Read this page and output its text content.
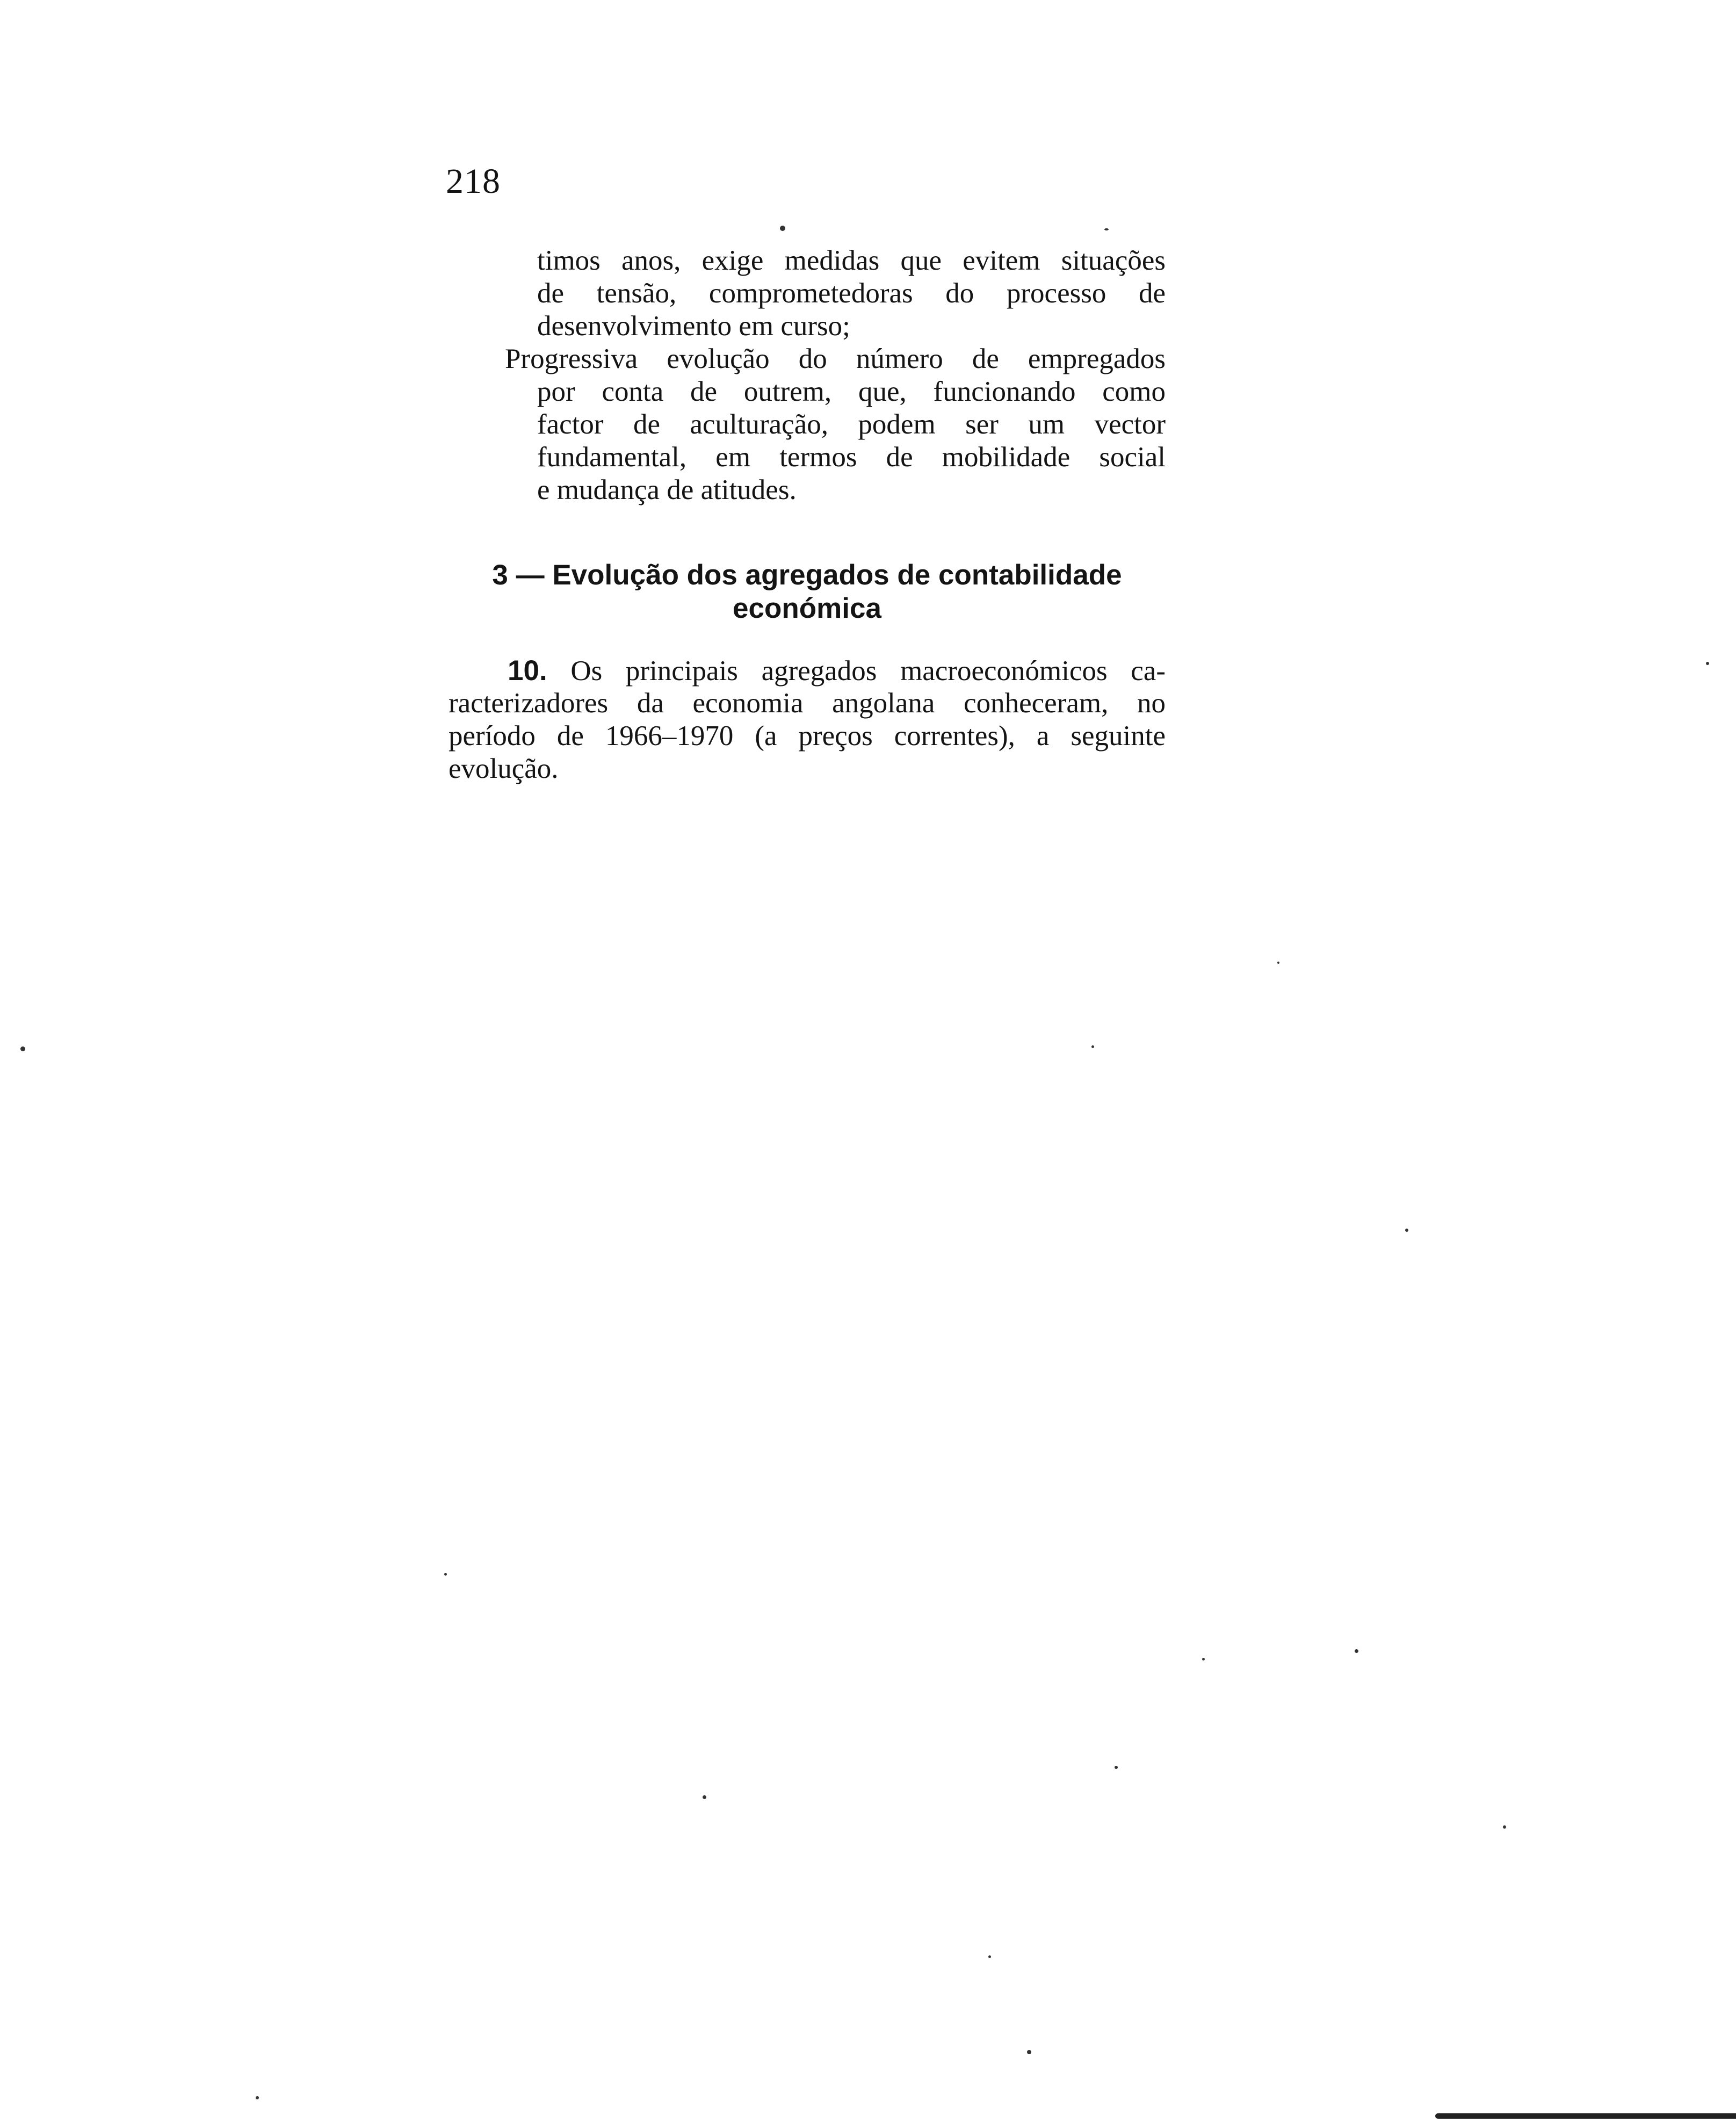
218
timos anos, exige medidas que evitem situações
de tensão, comprometedoras do processo de
desenvolvimento em curso;
Progressiva evolução do número de empregados
por conta de outrem, que, funcionando como
factor de aculturação, podem ser um vector
fundamental, em termos de mobilidade social
e mudança de atitudes.
3 — Evolução dos agregados de contabilidade
económica
10. Os principais agregados macroeconómicos ca-
racterizadores da economia angolana conheceram, no
período de 1966–1970 (a preços correntes), a seguinte
evolução.
